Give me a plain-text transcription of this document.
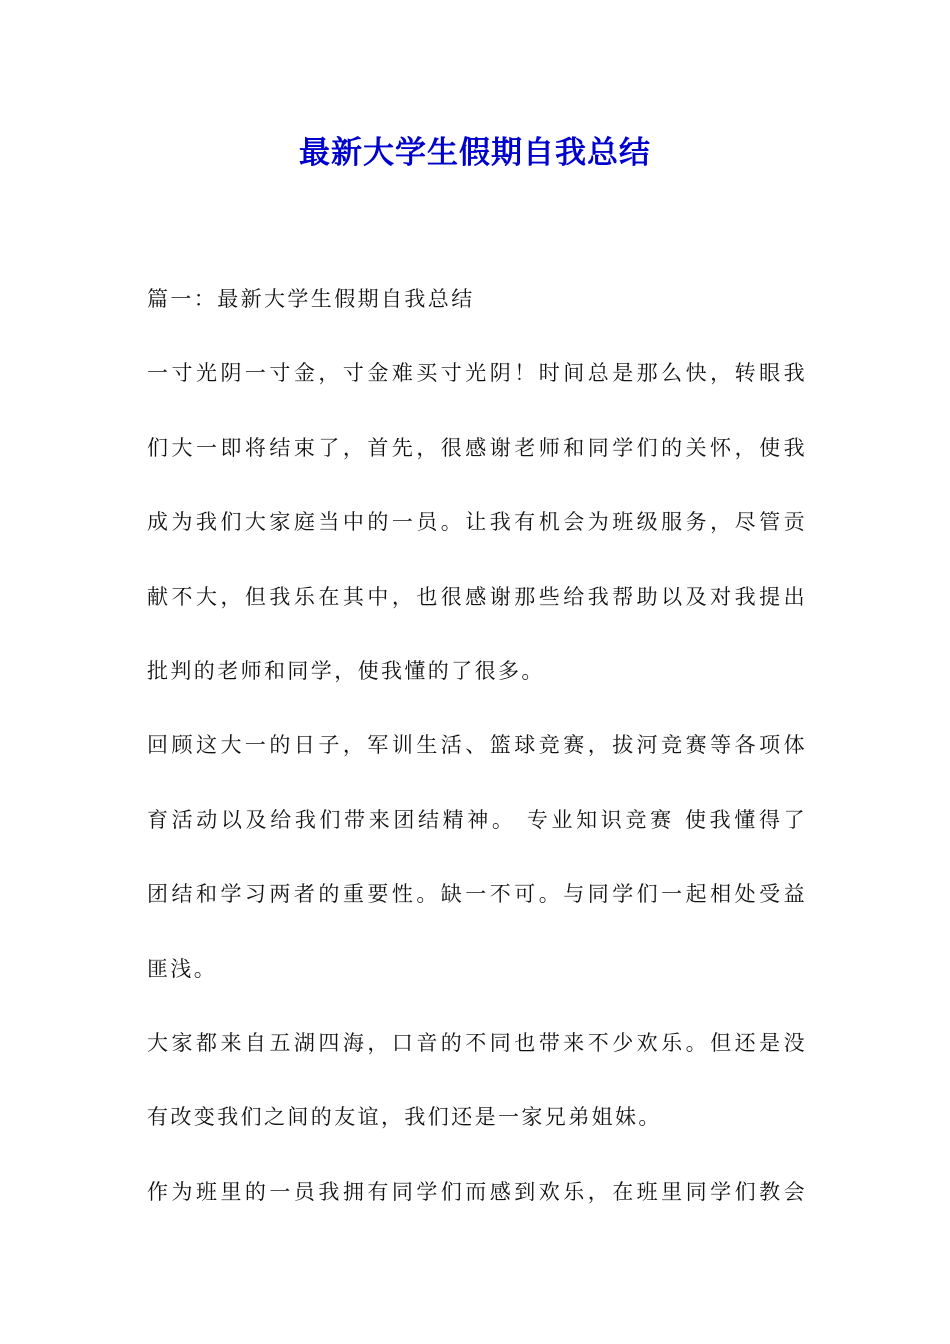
最新大学生假期自我总结
篇一：最新大学生假期自我总结
一寸光阴一寸金，寸金难买寸光阴！时间总是那么快，转眼我
们大一即将结束了，首先，很感谢老师和同学们的关怀，使我
成为我们大家庭当中的一员。让我有机会为班级服务，尽管贡
献不大，但我乐在其中，也很感谢那些给我帮助以及对我提出
批判的老师和同学，使我懂的了很多。
回顾这大一的日子，军训生活、篮球竞赛，拔河竞赛等各项体
育活动以及给我们带来团结精神。 专业知识竞赛 使我懂得了
团结和学习两者的重要性。缺一不可。与同学们一起相处受益
匪浅。
大家都来自五湖四海，口音的不同也带来不少欢乐。但还是没
有改变我们之间的友谊，我们还是一家兄弟姐妹。
作为班里的一员我拥有同学们而感到欢乐，在班里同学们教会
